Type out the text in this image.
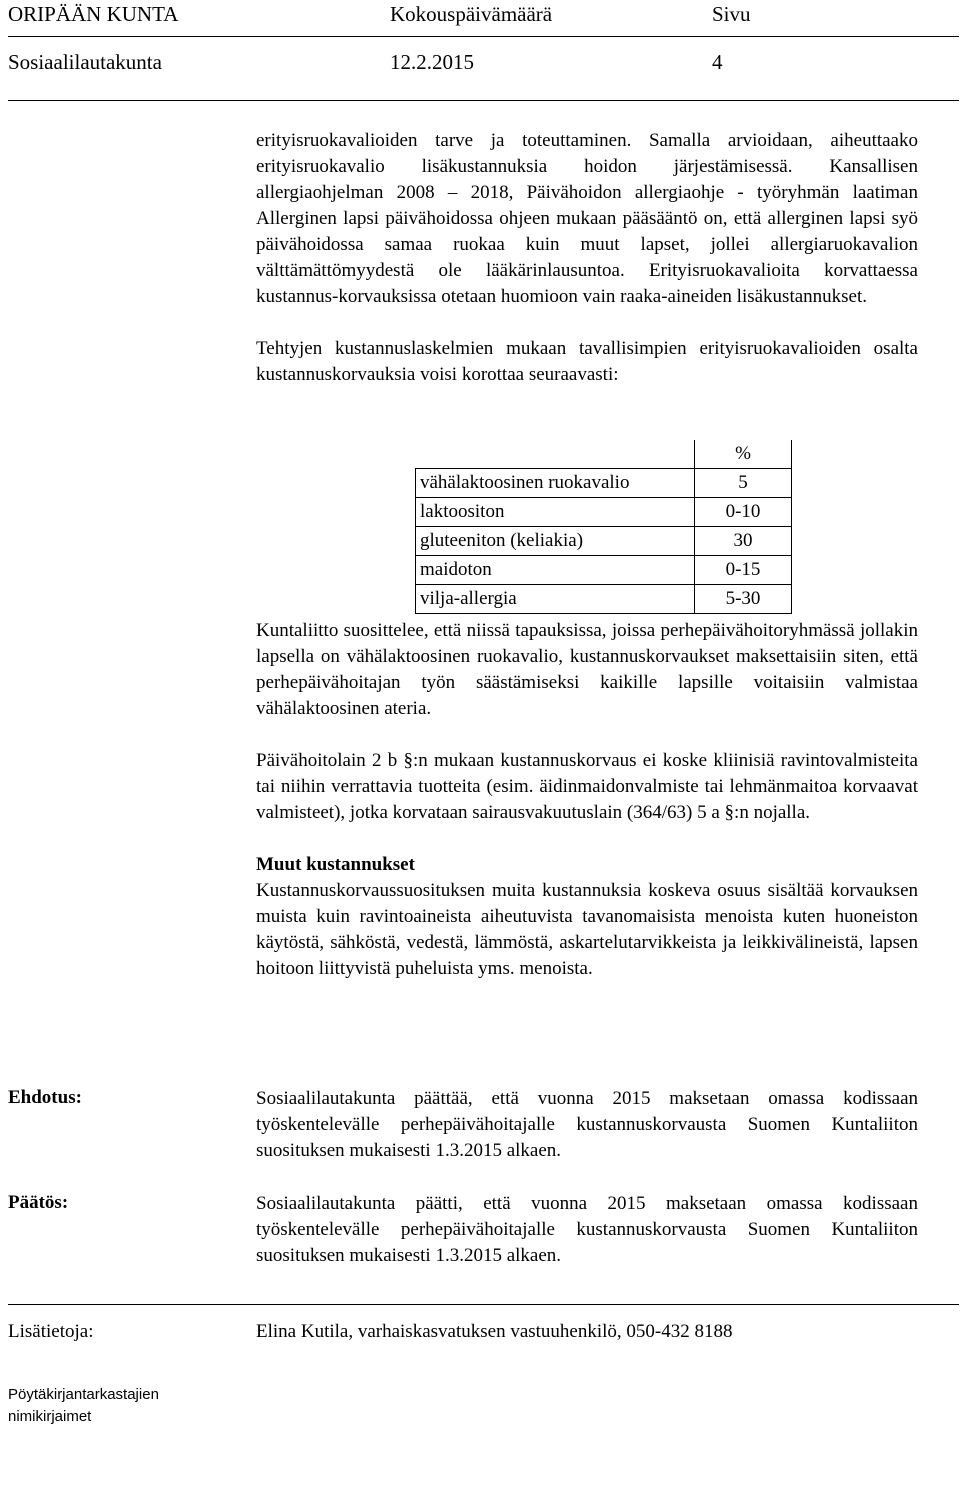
ORIPÄÄN KUNTA	Kokouspäivämäärä	Sivu
Sosiaalilautakunta	12.2.2015	4

erityisruokavalioiden tarve ja toteuttaminen. Samalla arvioidaan, aiheuttaako erityisruokavalio lisäkustannuksia hoidon järjestämisessä. Kansallisen allergiaohjelman 2008 – 2018, Päivähoidon allergiaohje - työryhmän laatiman Allerginen lapsi päivähoidossa ohjeen mukaan pääsääntö on, että allerginen lapsi syö päivähoidossa samaa ruokaa kuin muut lapset, jollei allergiaruokavalion välttämättömyydestä ole lääkärinlausuntoa. Erityisruokavalioita korvattaessa kustannus-korvauksissa otetaan huomioon vain raaka-aineiden lisäkustannukset.

Tehtyjen kustannuslaskelmien mukaan tavallisimpien erityisruokavalioiden osalta kustannuskorvauksia voisi korottaa seuraavasti:

	%
vähälaktoosinen ruokavalio	5
laktoositon	0-10
gluteeniton (keliakia)	30
maidoton	0-15
vilja-allergia	5-30

Kuntaliitto suosittelee, että niissä tapauksissa, joissa perhepäivähoitoryhmässä jollakin lapsella on vähälaktoosinen ruokavalio, kustannuskorvaukset maksettaisiin siten, että perhepäivähoitajan työn säästämiseksi kaikille lapsille voitaisiin valmistaa vähälaktoosinen ateria.

Päivähoitolain 2 b §:n mukaan kustannuskorvaus ei koske kliinisiä ravintovalmisteita tai niihin verrattavia tuotteita (esim. äidinmaidonvalmiste tai lehmänmaitoa korvaavat valmisteet), jotka korvataan sairausvakuutuslain (364/63) 5 a §:n nojalla.

Muut kustannukset

Kustannuskorvaussuosituksen muita kustannuksia koskeva osuus sisältää korvauksen muista kuin ravintoaineista aiheutuvista tavanomaisista menoista kuten huoneiston käytöstä, sähköstä, vedestä, lämmöstä, askartelutarvikkeista ja leikkivälineistä, lapsen hoitoon liittyvistä puheluista yms. menoista.

Ehdotus:	Sosiaalilautakunta päättää, että vuonna 2015 maksetaan omassa kodissaan työskentelevälle perhepäivähoitajalle kustannuskorvausta Suomen Kuntaliiton suosituksen mukaisesti 1.3.2015 alkaen.

Päätös:	Sosiaalilautakunta päätti, että vuonna 2015 maksetaan omassa kodissaan työskentelevälle perhepäivähoitajalle kustannuskorvausta Suomen Kuntaliiton suosituksen mukaisesti 1.3.2015 alkaen.

Lisätietoja:	Elina Kutila, varhaiskasvatuksen vastuuhenkilö, 050-432 8188
Pöytäkirjantarkastajien
nimikirjaimet
